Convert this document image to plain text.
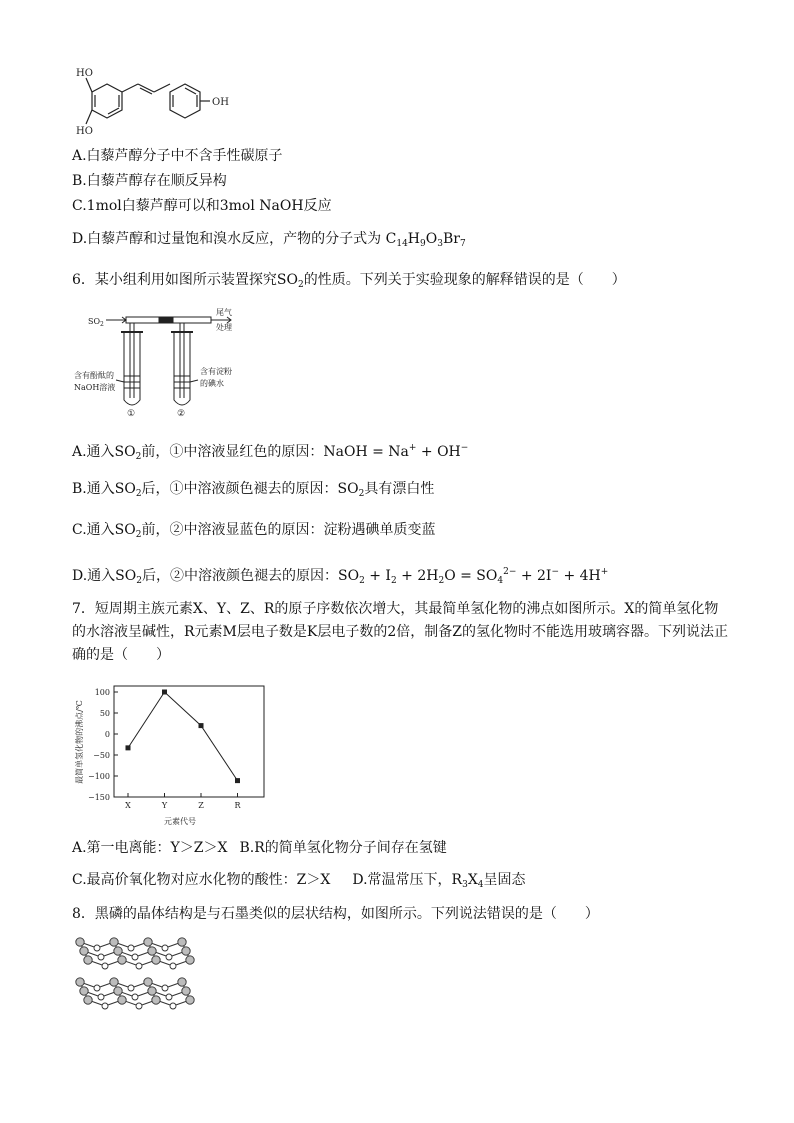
HO
HO
OH
A.白藜芦醇分子中不含手性碳原子
B.白藜芦醇存在顺反异构
C.1mol白藜芦醇可以和3mol NaOH反应
D.白藜芦醇和过量饱和溴水反应，产物的分子式为 $C_{14}H_9O_3Br_7$
6．某小组利用如图所示装置探究$SO_2$的性质。下列关于实验现象的解释错误的是（　　）
$SO_2$
尾气
处理
含有酚酞的
NaOH溶液
含有淀粉
的碘水
①	②
A.通入$SO_2$前，①中溶液显红色的原因：NaOH = Na+ + OH−
B.通入$SO_2$后，①中溶液颜色褪去的原因：$SO_2$具有漂白性
C.通入$SO_2$前，②中溶液显蓝色的原因：淀粉遇碘单质变蓝
D.通入$SO_2$后，②中溶液颜色褪去的原因：$SO_2 + I_2 + 2H_2O = SO_4^{2-} + 2I^- + 4H^+$
7．短周期主族元素X、Y、Z、R的原子序数依次增大，其最简单氢化物的沸点如图所示。X的简单氢化物
的水溶液呈碱性，R元素M层电子数是K层电子数的2倍，制备Z的氢化物时不能选用玻璃容器。下列说法正
确的是（　　）
100
50
0
−50
−100
−150
X	Y	Z	R
最简单氢化物的沸点/℃
元素代号
A.第一电离能：Y＞Z＞X B.R的简单氢化物分子间存在氢键
C.最高价氧化物对应水化物的酸性：Z＞X D.常温常压下，$R_3X_4$呈固态
8．黑磷的晶体结构是与石墨类似的层状结构，如图所示。下列说法错误的是（　　）
